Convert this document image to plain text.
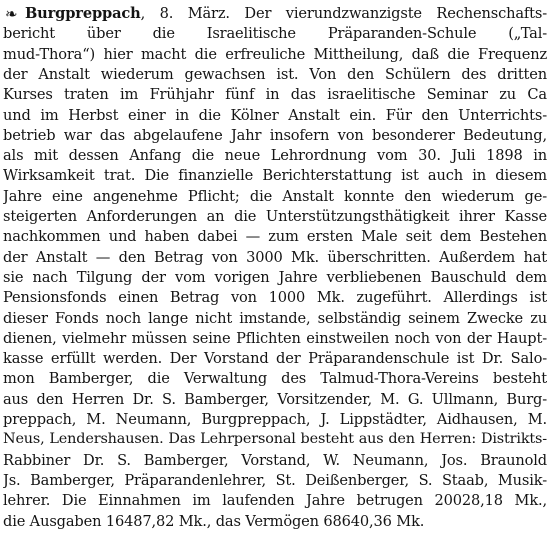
❧ Burgpreppach, 8. März. Der vierundzwanzigste Rechenschafts-
bericht über die Israelitische Präparanden-Schule („Tal-
mud-Thora“) hier macht die erfreuliche Mittheilung, daß die Frequenz
der Anstalt wiederum gewachsen ist. Von den Schülern des dritten
Kurses traten im Frühjahr fünf in das israelitische Seminar zu Ca
und im Herbst einer in die Kölner Anstalt ein. Für den Unterrichts-
betrieb war das abgelaufene Jahr insofern von besonderer Bedeutung,
als mit dessen Anfang die neue Lehrordnung vom 30. Juli 1898 in
Wirksamkeit trat. Die finanzielle Berichterstattung ist auch in diesem
Jahre eine angenehme Pflicht; die Anstalt konnte den wiederum ge-
steigerten Anforderungen an die Unterstützungsthätigkeit ihrer Kasse
nachkommen und haben dabei — zum ersten Male seit dem Bestehen
der Anstalt — den Betrag von 3000 Mk. überschritten. Außerdem hat
sie nach Tilgung der vom vorigen Jahre verbliebenen Bauschuld dem
Pensionsfonds einen Betrag von 1000 Mk. zugeführt. Allerdings ist
dieser Fonds noch lange nicht imstande, selbständig seinem Zwecke zu
dienen, vielmehr müssen seine Pflichten einstweilen noch von der Haupt-
kasse erfüllt werden. Der Vorstand der Präparandenschule ist Dr. Salo-
mon Bamberger, die Verwaltung des Talmud-Thora-Vereins besteht
aus den Herren Dr. S. Bamberger, Vorsitzender, M. G. Ullmann, Burg-
preppach, M. Neumann, Burgpreppach, J. Lippstädter, Aidhausen, M.
Neus, Lendershausen. Das Lehrpersonal besteht aus den Herren: Distrikts-
Rabbiner Dr. S. Bamberger, Vorstand, W. Neumann, Jos. Braunold
Js. Bamberger, Präparandenlehrer, St. Deißenberger, S. Staab, Musik-
lehrer. Die Einnahmen im laufenden Jahre betrugen 20028,18 Mk.,
die Ausgaben 16487,82 Mk., das Vermögen 68640,36 Mk.
